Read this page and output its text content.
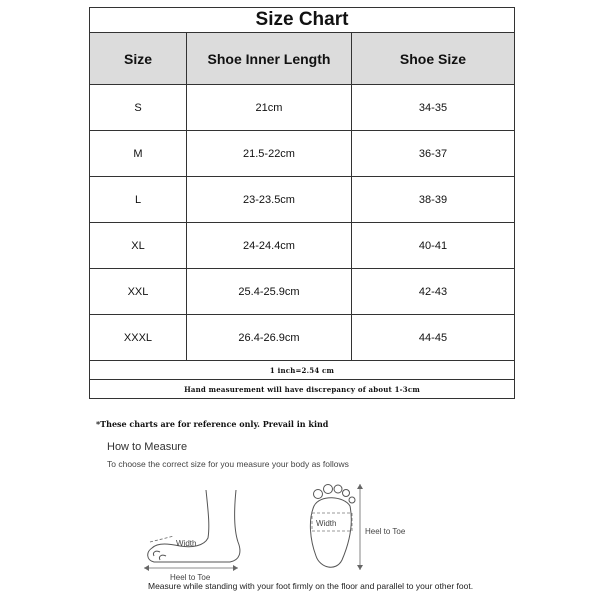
Size Chart		
Size	Shoe Inner Length	Shoe Size
S	21cm	34-35
M	21.5-22cm	36-37
L	23-23.5cm	38-39
XL	24-24.4cm	40-41
XXL	25.4-25.9cm	42-43
XXXL	26.4-26.9cm	44-45
1 inch=2.54 cm		
Hand measurement will have discrepancy of about 1-3cm		
*These charts are for reference only. Prevail in kind
How to Measure
To choose the correct size for you measure your body as follows
Width
Heel to Toe
Width
Heel to Toe
Measure while standing with your foot firmly on the floor and parallel to your other foot.
